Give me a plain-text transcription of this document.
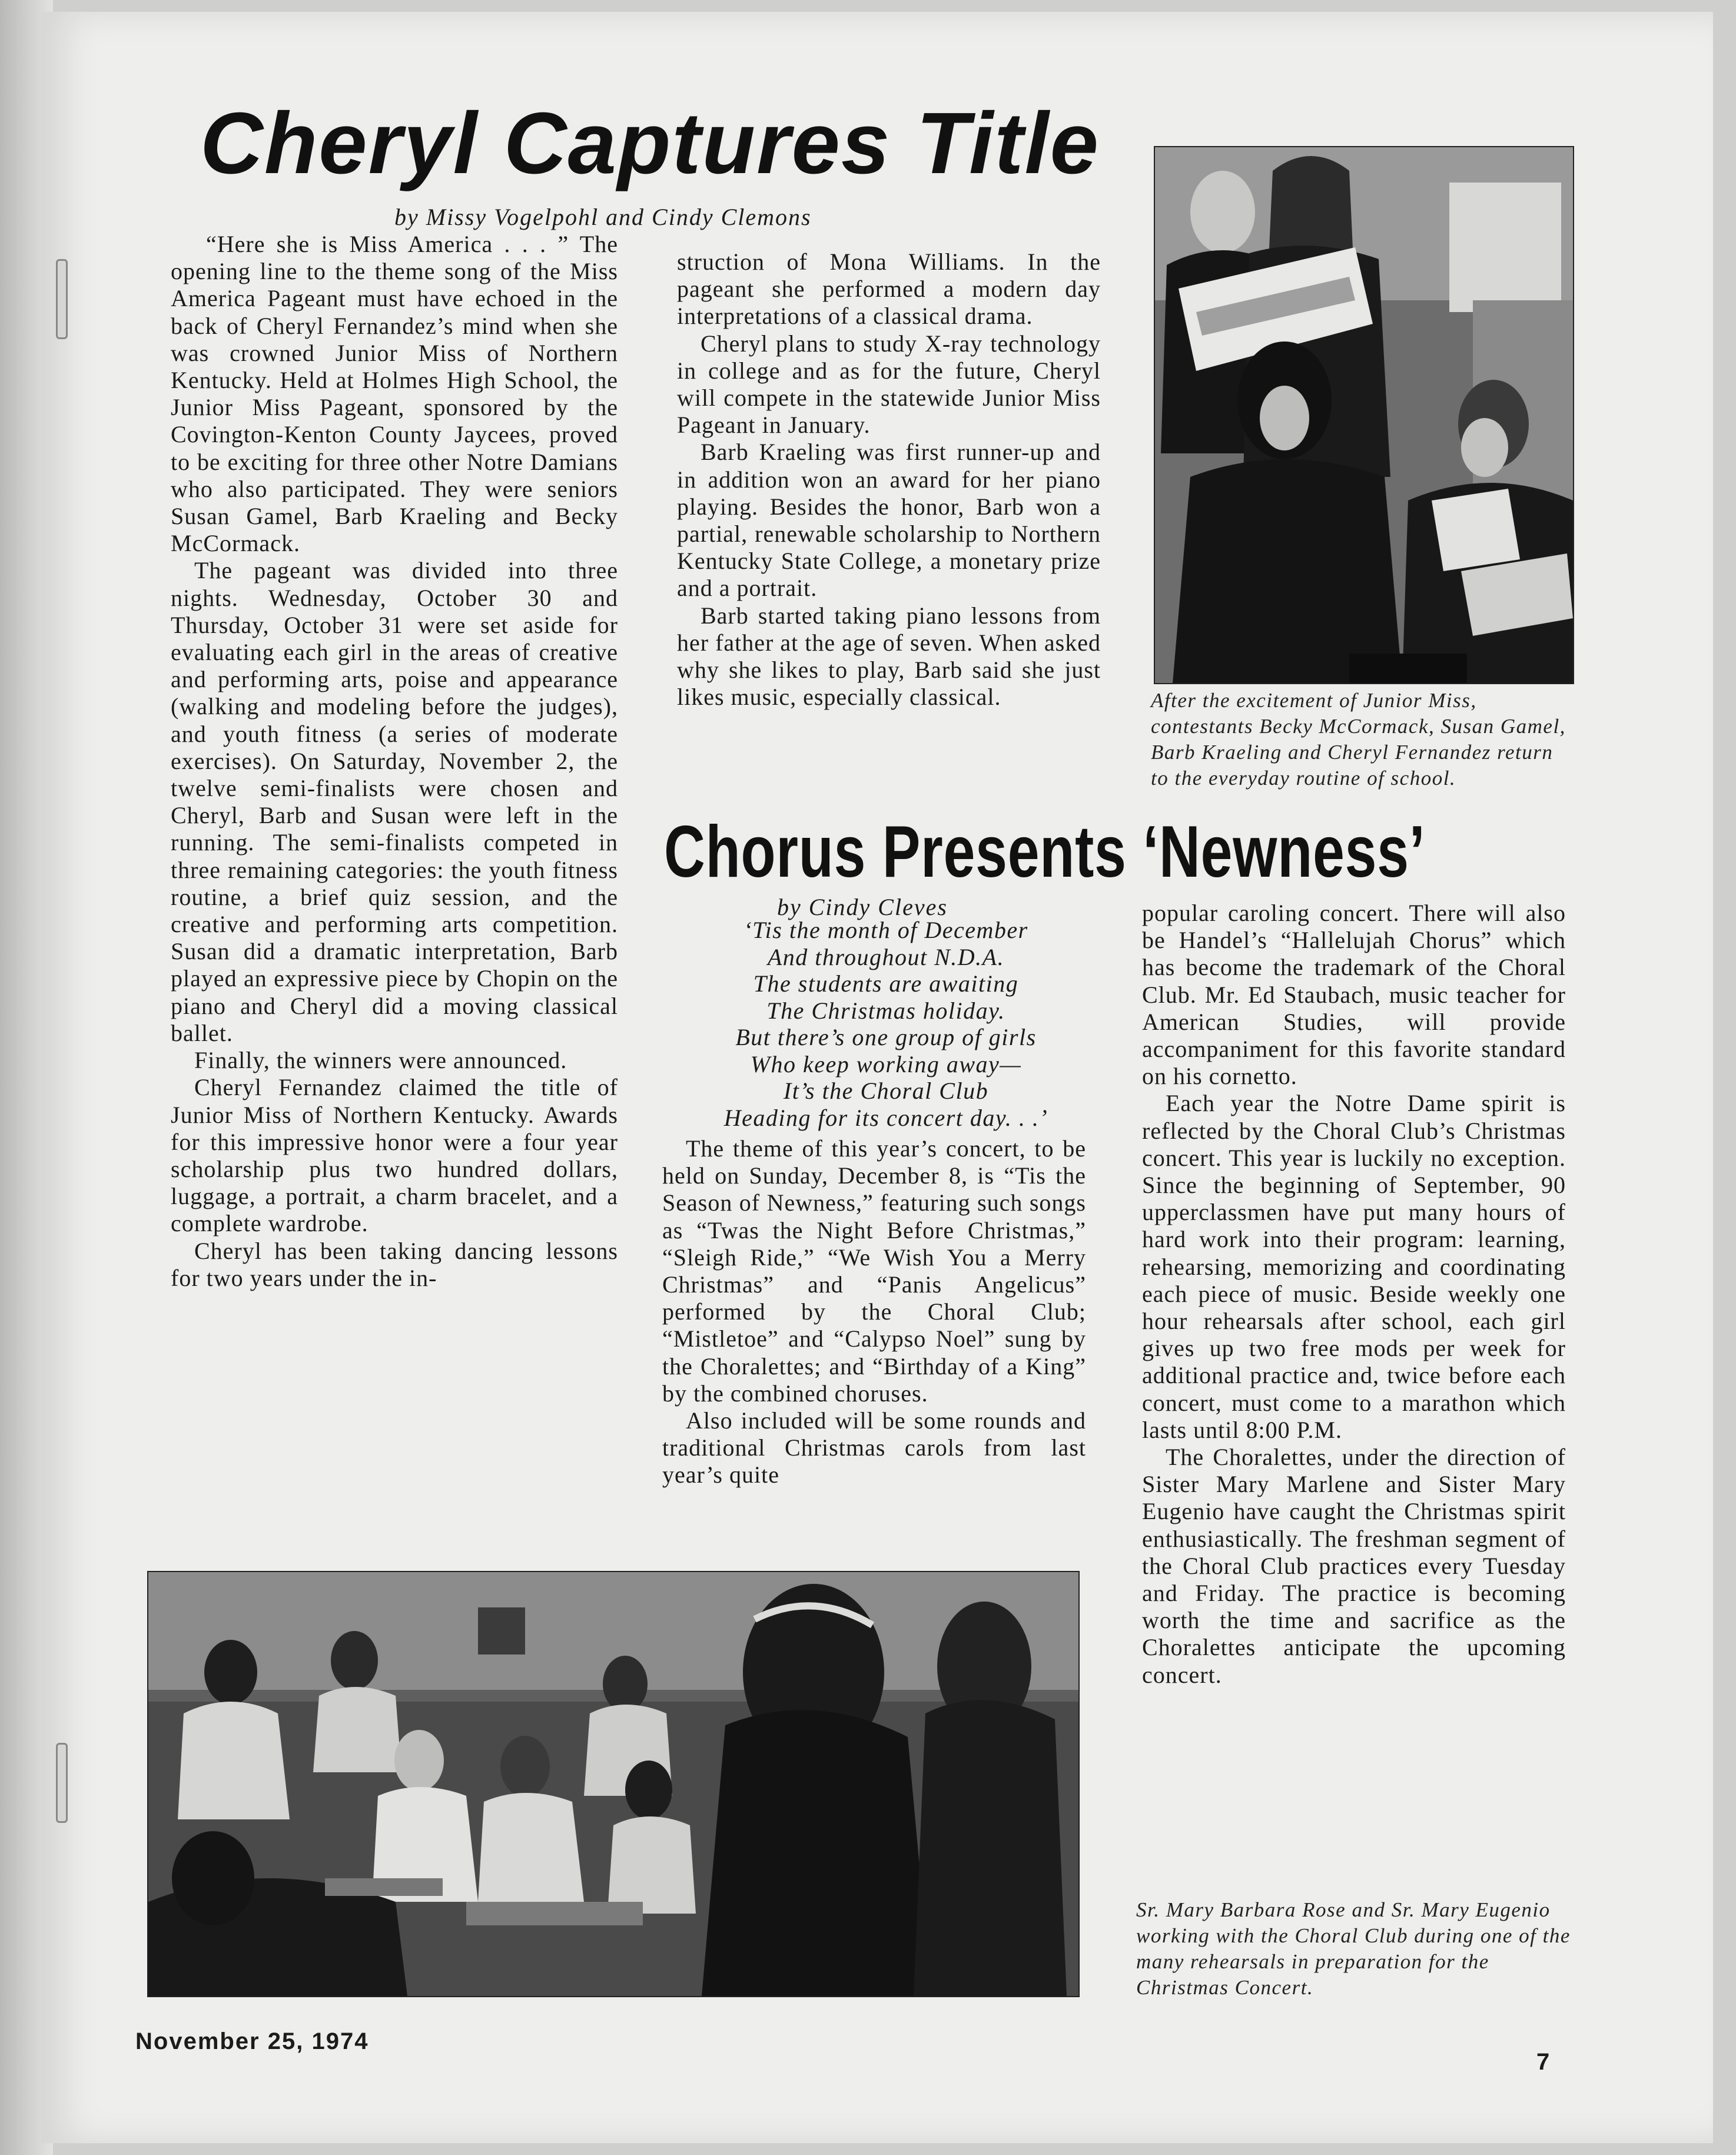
Cheryl Captures Title
by Missy Vogelpohl and Cindy Clemons

“Here she is Miss America . . . ” The opening line to the theme song of the Miss America Pageant must have echoed in the back of Cheryl Fernandez’s mind when she was crowned Junior Miss of Northern Kentucky. Held at Holmes High School, the Junior Miss Pageant, sponsored by the Covington-Kenton County Jaycees, proved to be exciting for three other Notre Damians who also participated. They were seniors Susan Gamel, Barb Kraeling and Becky McCormack.

The pageant was divided into three nights. Wednesday, October 30 and Thursday, October 31 were set aside for evaluating each girl in the areas of creative and performing arts, poise and appearance (walking and modeling before the judges), and youth fitness (a series of moderate exercises). On Saturday, November 2, the twelve semi-finalists were chosen and Cheryl, Barb and Susan were left in the running. The semi-finalists competed in three remaining categories: the youth fitness routine, a brief quiz session, and the creative and performing arts competition. Susan did a dramatic interpretation, Barb played an expressive piece by Chopin on the piano and Cheryl did a moving classical ballet.

Finally, the winners were announced.

Cheryl Fernandez claimed the title of Junior Miss of Northern Kentucky. Awards for this impressive honor were a four year scholarship plus two hundred dollars, luggage, a portrait, a charm bracelet, and a complete wardrobe.

Cheryl has been taking dancing lessons for two years under the in-

struction of Mona Williams. In the pageant she performed a modern day interpretations of a classical drama.

Cheryl plans to study X-ray technology in college and as for the future, Cheryl will compete in the statewide Junior Miss Pageant in January.

Barb Kraeling was first runner-up and in addition won an award for her piano playing. Besides the honor, Barb won a partial, renewable scholarship to Northern Kentucky State College, a monetary prize and a portrait.

Barb started taking piano lessons from her father at the age of seven. When asked why she likes to play, Barb said she just likes music, especially classical.	After the excitement of Junior Miss, contestants Becky McCormack, Susan Gamel, Barb Kraeling and Cheryl Fernandez return to the everyday routine of school.
Chorus Presents ‘Newness’
by Cindy Cleves
‘Tis the month of December
And throughout N.D.A.
The students are awaiting
The Christmas holiday.
But there’s one group of girls
Who keep working away—
It’s the Choral Club
Heading for its concert day. . .’

The theme of this year’s concert, to be held on Sunday, December 8, is “Tis the Season of Newness,” featuring such songs as “Twas the Night Before Christmas,” “Sleigh Ride,” “We Wish You a Merry Christmas” and “Panis Angelicus” performed by the Choral Club; “Mistletoe” and “Calypso Noel” sung by the Choralettes; and “Birthday of a King” by the combined choruses.

Also included will be some rounds and traditional Christmas carols from last year’s quite

popular caroling concert. There will also be Handel’s “Hallelujah Chorus” which has become the trademark of the Choral Club. Mr. Ed Staubach, music teacher for American Studies, will provide accompaniment for this favorite standard on his cornetto.

Each year the Notre Dame spirit is reflected by the Choral Club’s Christmas concert. This year is luckily no exception. Since the beginning of September, 90 upperclassmen have put many hours of hard work into their program: learning, rehearsing, memorizing and coordinating each piece of music. Beside weekly one hour rehearsals after school, each girl gives up two free mods per week for additional practice and, twice before each concert, must come to a marathon which lasts until 8:00 P.M.

The Choralettes, under the direction of Sister Mary Marlene and Sister Mary Eugenio have caught the Christmas spirit enthusiastically. The freshman segment of the Choral Club practices every Tuesday and Friday. The practice is becoming worth the time and sacrifice as the Choralettes anticipate the upcoming concert.

Sr. Mary Barbara Rose and Sr. Mary Eugenio working with the Choral Club during one of the many rehearsals in preparation for the Christmas Concert.
November 25, 1974
7
